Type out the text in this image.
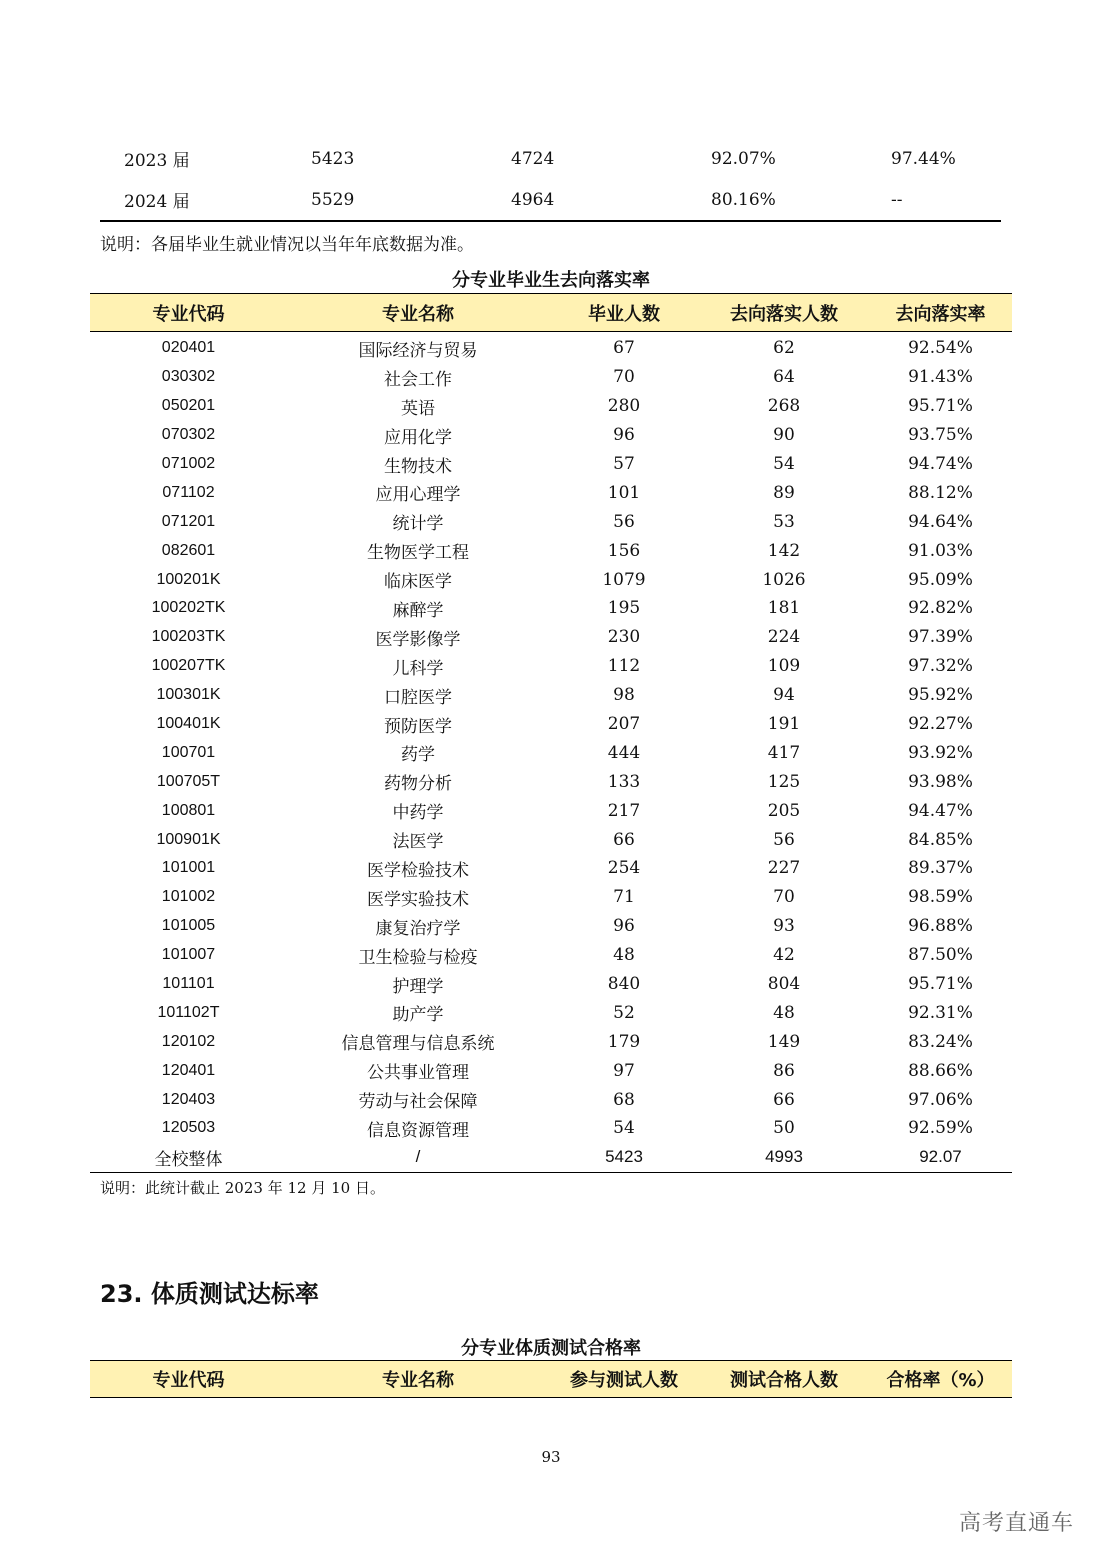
2023 届	5423	4724	92.07%	97.44%
2024 届	5529	4964	80.16%	--
说明：各届毕业生就业情况以当年年底数据为准。
分专业毕业生去向落实率
专业代码	专业名称	毕业人数	去向落实人数	去向落实率
020401	国际经济与贸易	67	62	92.54%
030302	社会工作	70	64	91.43%
050201	英语	280	268	95.71%
070302	应用化学	96	90	93.75%
071002	生物技术	57	54	94.74%
071102	应用心理学	101	89	88.12%
071201	统计学	56	53	94.64%
082601	生物医学工程	156	142	91.03%
100201K	临床医学	1079	1026	95.09%
100202TK	麻醉学	195	181	92.82%
100203TK	医学影像学	230	224	97.39%
100207TK	儿科学	112	109	97.32%
100301K	口腔医学	98	94	95.92%
100401K	预防医学	207	191	92.27%
100701	药学	444	417	93.92%
100705T	药物分析	133	125	93.98%
100801	中药学	217	205	94.47%
100901K	法医学	66	56	84.85%
101001	医学检验技术	254	227	89.37%
101002	医学实验技术	71	70	98.59%
101005	康复治疗学	96	93	96.88%
101007	卫生检验与检疫	48	42	87.50%
101101	护理学	840	804	95.71%
101102T	助产学	52	48	92.31%
120102	信息管理与信息系统	179	149	83.24%
120401	公共事业管理	97	86	88.66%
120403	劳动与社会保障	68	66	97.06%
120503	信息资源管理	54	50	92.59%
全校整体	/	5423	4993	92.07
说明：此统计截止 2023 年 12 月 10 日。
23. 体质测试达标率
分专业体质测试合格率
专业代码	专业名称	参与测试人数	测试合格人数	合格率（%）
93
高考直通车
